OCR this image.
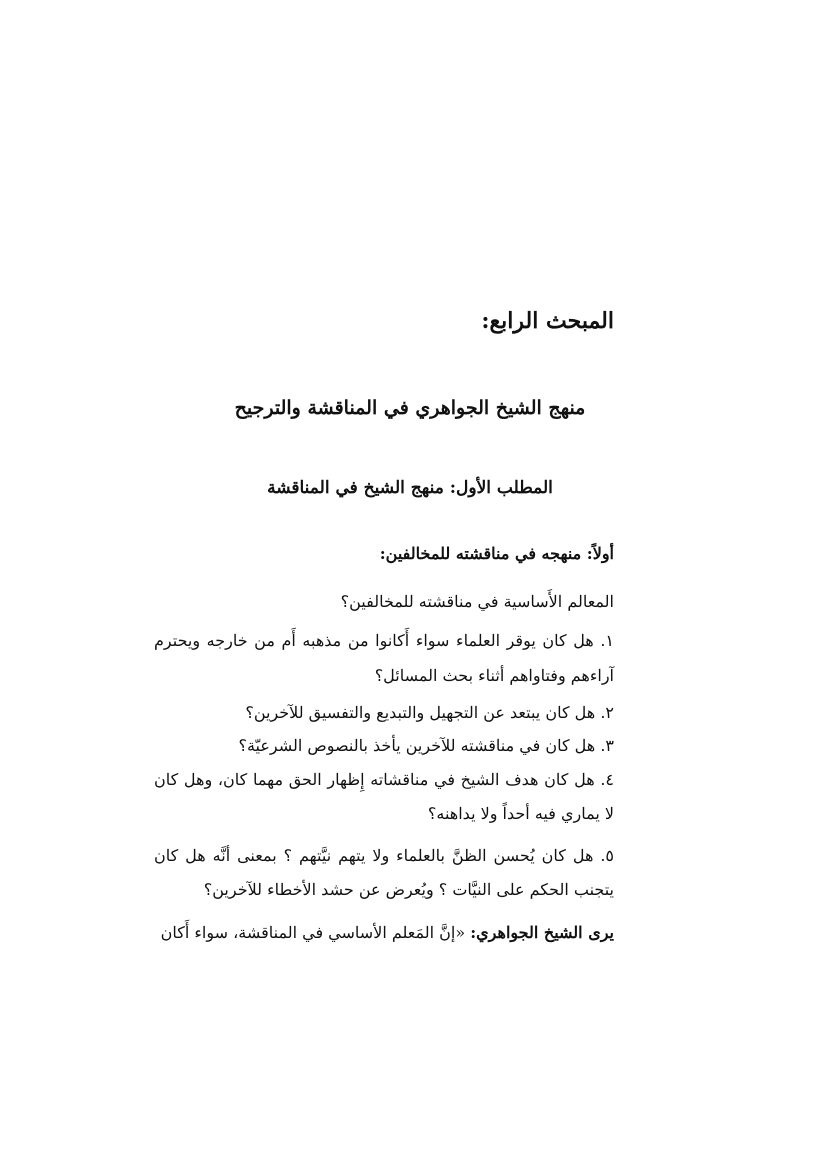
المبحث الرابع:
منهج الشيخ الجواهري في المناقشة والترجيح
المطلب الأول: منهج الشيخ في المناقشة
أولاً: منهجه في مناقشته للمخالفين:
المعالم الأَساسية في مناقشته للمخالفين؟
١. هل كان يوقر العلماء سواء أَكانوا من مذهبه أَم من خارجه ويحترم
آراءهم وفتاواهم أثناء بحث المسائل؟
٢. هل كان يبتعد عن التجهيل والتبديع والتفسيق للآخرين؟
٣. هل كان في مناقشته للآخرين يأخذ بالنصوص الشرعيّة؟
٤. هل كان هدف الشيخ في مناقشاته إِظهار الحق مهما كان، وهل كان
لا يماري فيه أحداً ولا يداهنه؟
٥. هل كان يُحسن الظنَّ بالعلماء ولا يتهم نيَّتهم ؟ بمعنى أنَّه هل كان
يتجنب الحكم على النيَّات ؟ ويُعرض عن حشد الأخطاء للآخرين؟
يرى الشيخ الجواهري: «إنَّ المَعلم الأساسي في المناقشة، سواء أَكان
